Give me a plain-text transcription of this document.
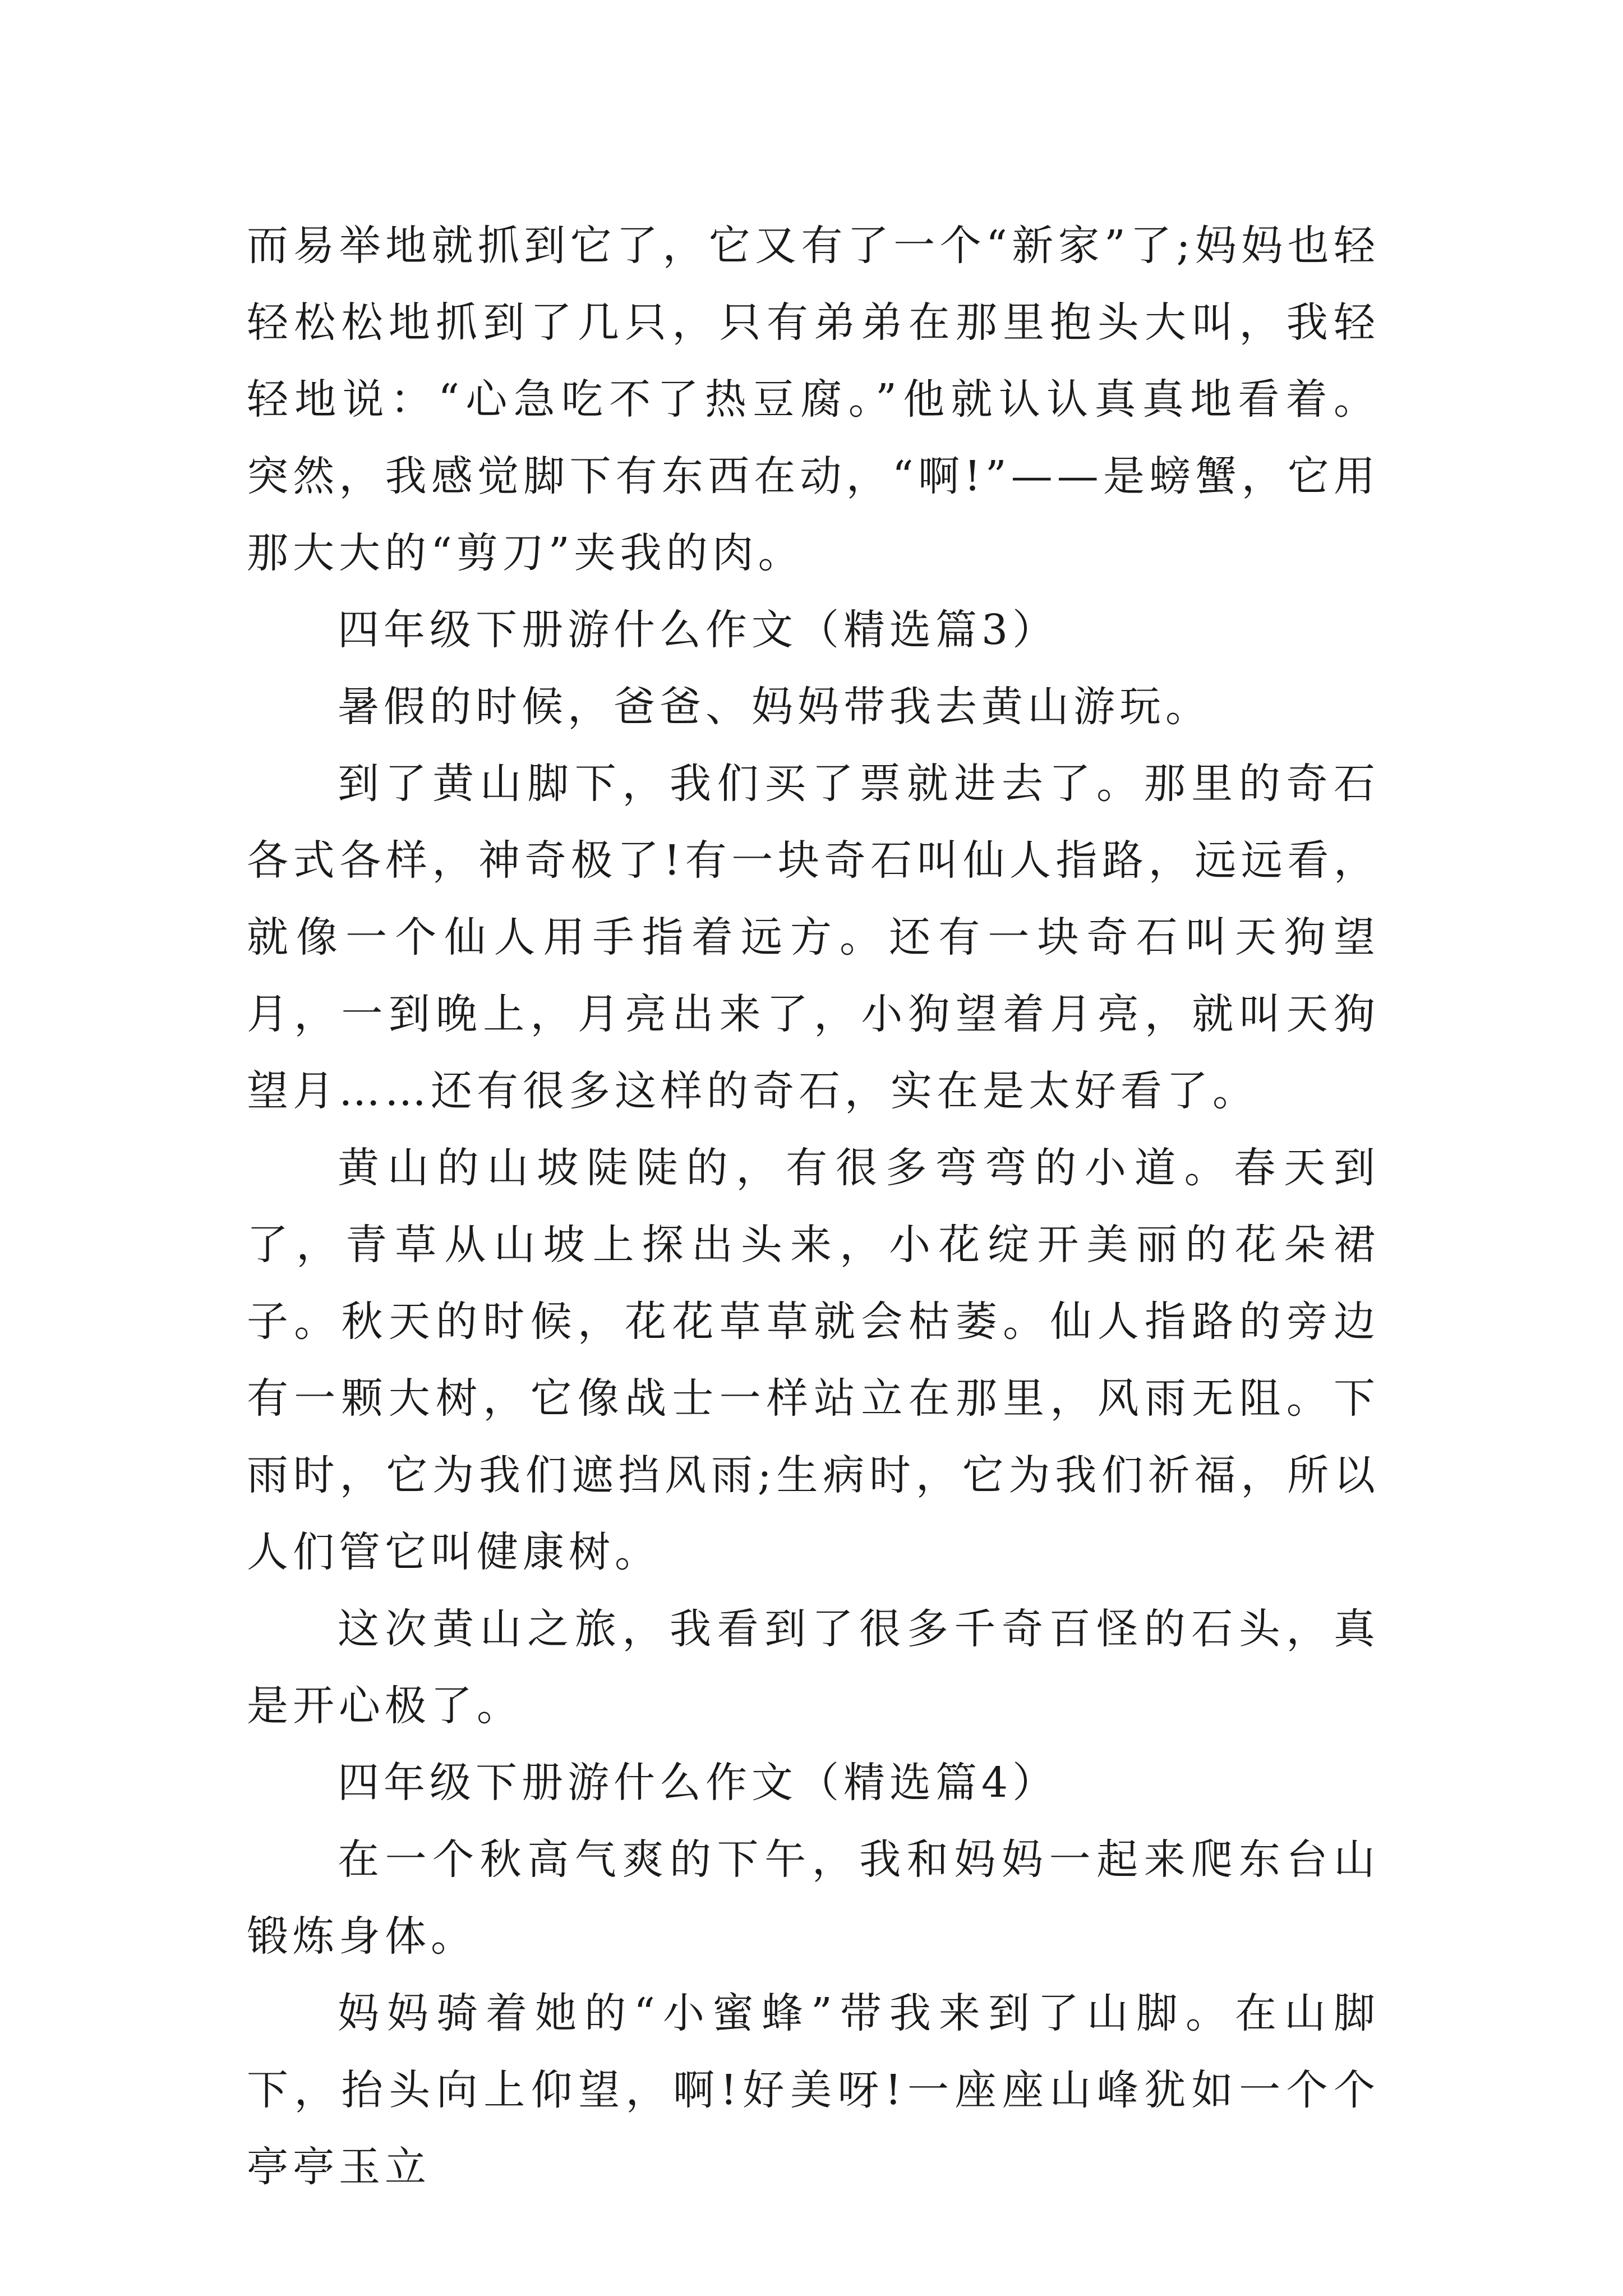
而易举地就抓到它了，它又有了一个“新家”了;妈妈也轻轻松松地抓到了几只，只有弟弟在那里抱头大叫，我轻轻地说：“心急吃不了热豆腐。”他就认认真真地看着。突然，我感觉脚下有东西在动，“啊!”——是螃蟹，它用那大大的“剪刀”夹我的肉。

四年级下册游什么作文（精选篇3）

暑假的时候，爸爸、妈妈带我去黄山游玩。

到了黄山脚下，我们买了票就进去了。那里的奇石各式各样，神奇极了!有一块奇石叫仙人指路，远远看，就像一个仙人用手指着远方。还有一块奇石叫天狗望月，一到晚上，月亮出来了，小狗望着月亮，就叫天狗望月……还有很多这样的奇石，实在是太好看了。

黄山的山坡陡陡的，有很多弯弯的小道。春天到了，青草从山坡上探出头来，小花绽开美丽的花朵裙子。秋天的时候，花花草草就会枯萎。仙人指路的旁边有一颗大树，它像战士一样站立在那里，风雨无阻。下雨时，它为我们遮挡风雨;生病时，它为我们祈福，所以人们管它叫健康树。

这次黄山之旅，我看到了很多千奇百怪的石头，真是开心极了。

四年级下册游什么作文（精选篇4）

在一个秋高气爽的下午，我和妈妈一起来爬东台山锻炼身体。

妈妈骑着她的“小蜜蜂”带我来到了山脚。在山脚下，抬头向上仰望，啊!好美呀!一座座山峰犹如一个个亭亭玉立
